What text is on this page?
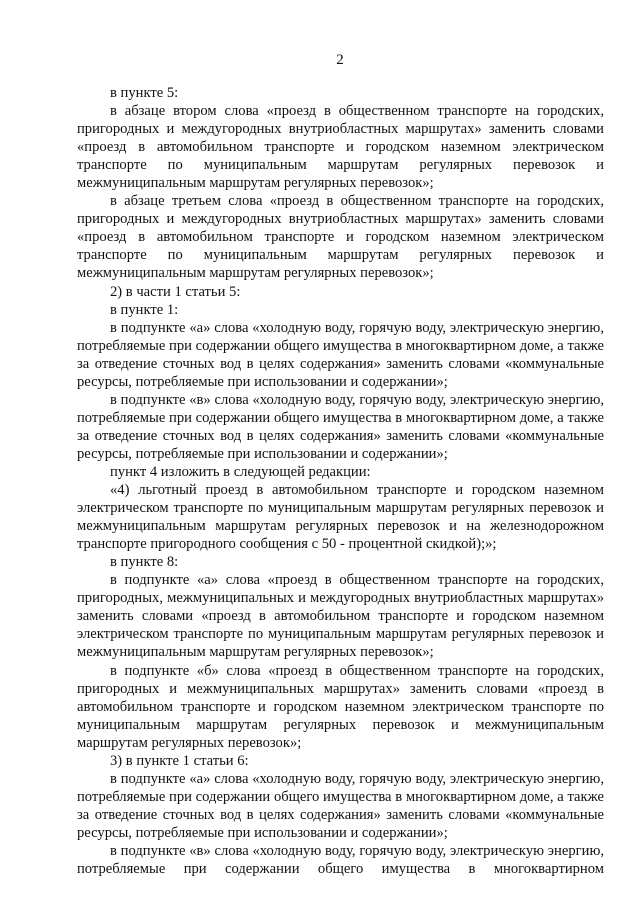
2

в пункте 5:

в абзаце втором слова «проезд в общественном транспорте на городских, пригородных и междугородных внутриобластных маршрутах» заменить словами «проезд в автомобильном транспорте и городском наземном электрическом транспорте по муниципальным маршрутам регулярных перевозок и межмуниципальным маршрутам регулярных перевозок»;

в абзаце третьем слова «проезд в общественном транспорте на городских, пригородных и междугородных внутриобластных маршрутах» заменить словами «проезд в автомобильном транспорте и городском наземном электрическом транспорте по муниципальным маршрутам регулярных перевозок и межмуниципальным маршрутам регулярных перевозок»;

2) в части 1 статьи 5:

в пункте 1:

в подпункте «а» слова «холодную воду, горячую воду, электрическую энергию, потребляемые при содержании общего имущества в многоквартирном доме, а также за отведение сточных вод в целях содержания» заменить словами «коммунальные ресурсы, потребляемые при использовании и содержании»;

в подпункте «в» слова «холодную воду, горячую воду, электрическую энергию, потребляемые при содержании общего имущества в многоквартирном доме, а также за отведение сточных вод в целях содержания» заменить словами «коммунальные ресурсы, потребляемые при использовании и содержании»;

пункт 4 изложить в следующей редакции:

«4) льготный проезд в автомобильном транспорте и городском наземном электрическом транспорте по муниципальным маршрутам регулярных перевозок и межмуниципальным маршрутам регулярных перевозок и на железнодорожном транспорте пригородного сообщения с 50 - процентной скидкой);»;

в пункте 8:

в подпункте «а» слова «проезд в общественном транспорте на городских, пригородных, межмуниципальных и междугородных внутриобластных маршрутах» заменить словами «проезд в автомобильном транспорте и городском наземном электрическом транспорте по муниципальным маршрутам регулярных перевозок и межмуниципальным маршрутам регулярных перевозок»;

в подпункте «б» слова «проезд в общественном транспорте на городских, пригородных и межмуниципальных маршрутах» заменить словами «проезд в автомобильном транспорте и городском наземном электрическом транспорте по муниципальным маршрутам регулярных перевозок и межмуниципальным маршрутам регулярных перевозок»;

3) в пункте 1 статьи 6:

в подпункте «а» слова «холодную воду, горячую воду, электрическую энергию, потребляемые при содержании общего имущества в многоквартирном доме, а также за отведение сточных вод в целях содержания» заменить словами «коммунальные ресурсы, потребляемые при использовании и содержании»;

в подпункте «в» слова «холодную воду, горячую воду, электрическую энергию, потребляемые при содержании общего имущества в многоквартирном
